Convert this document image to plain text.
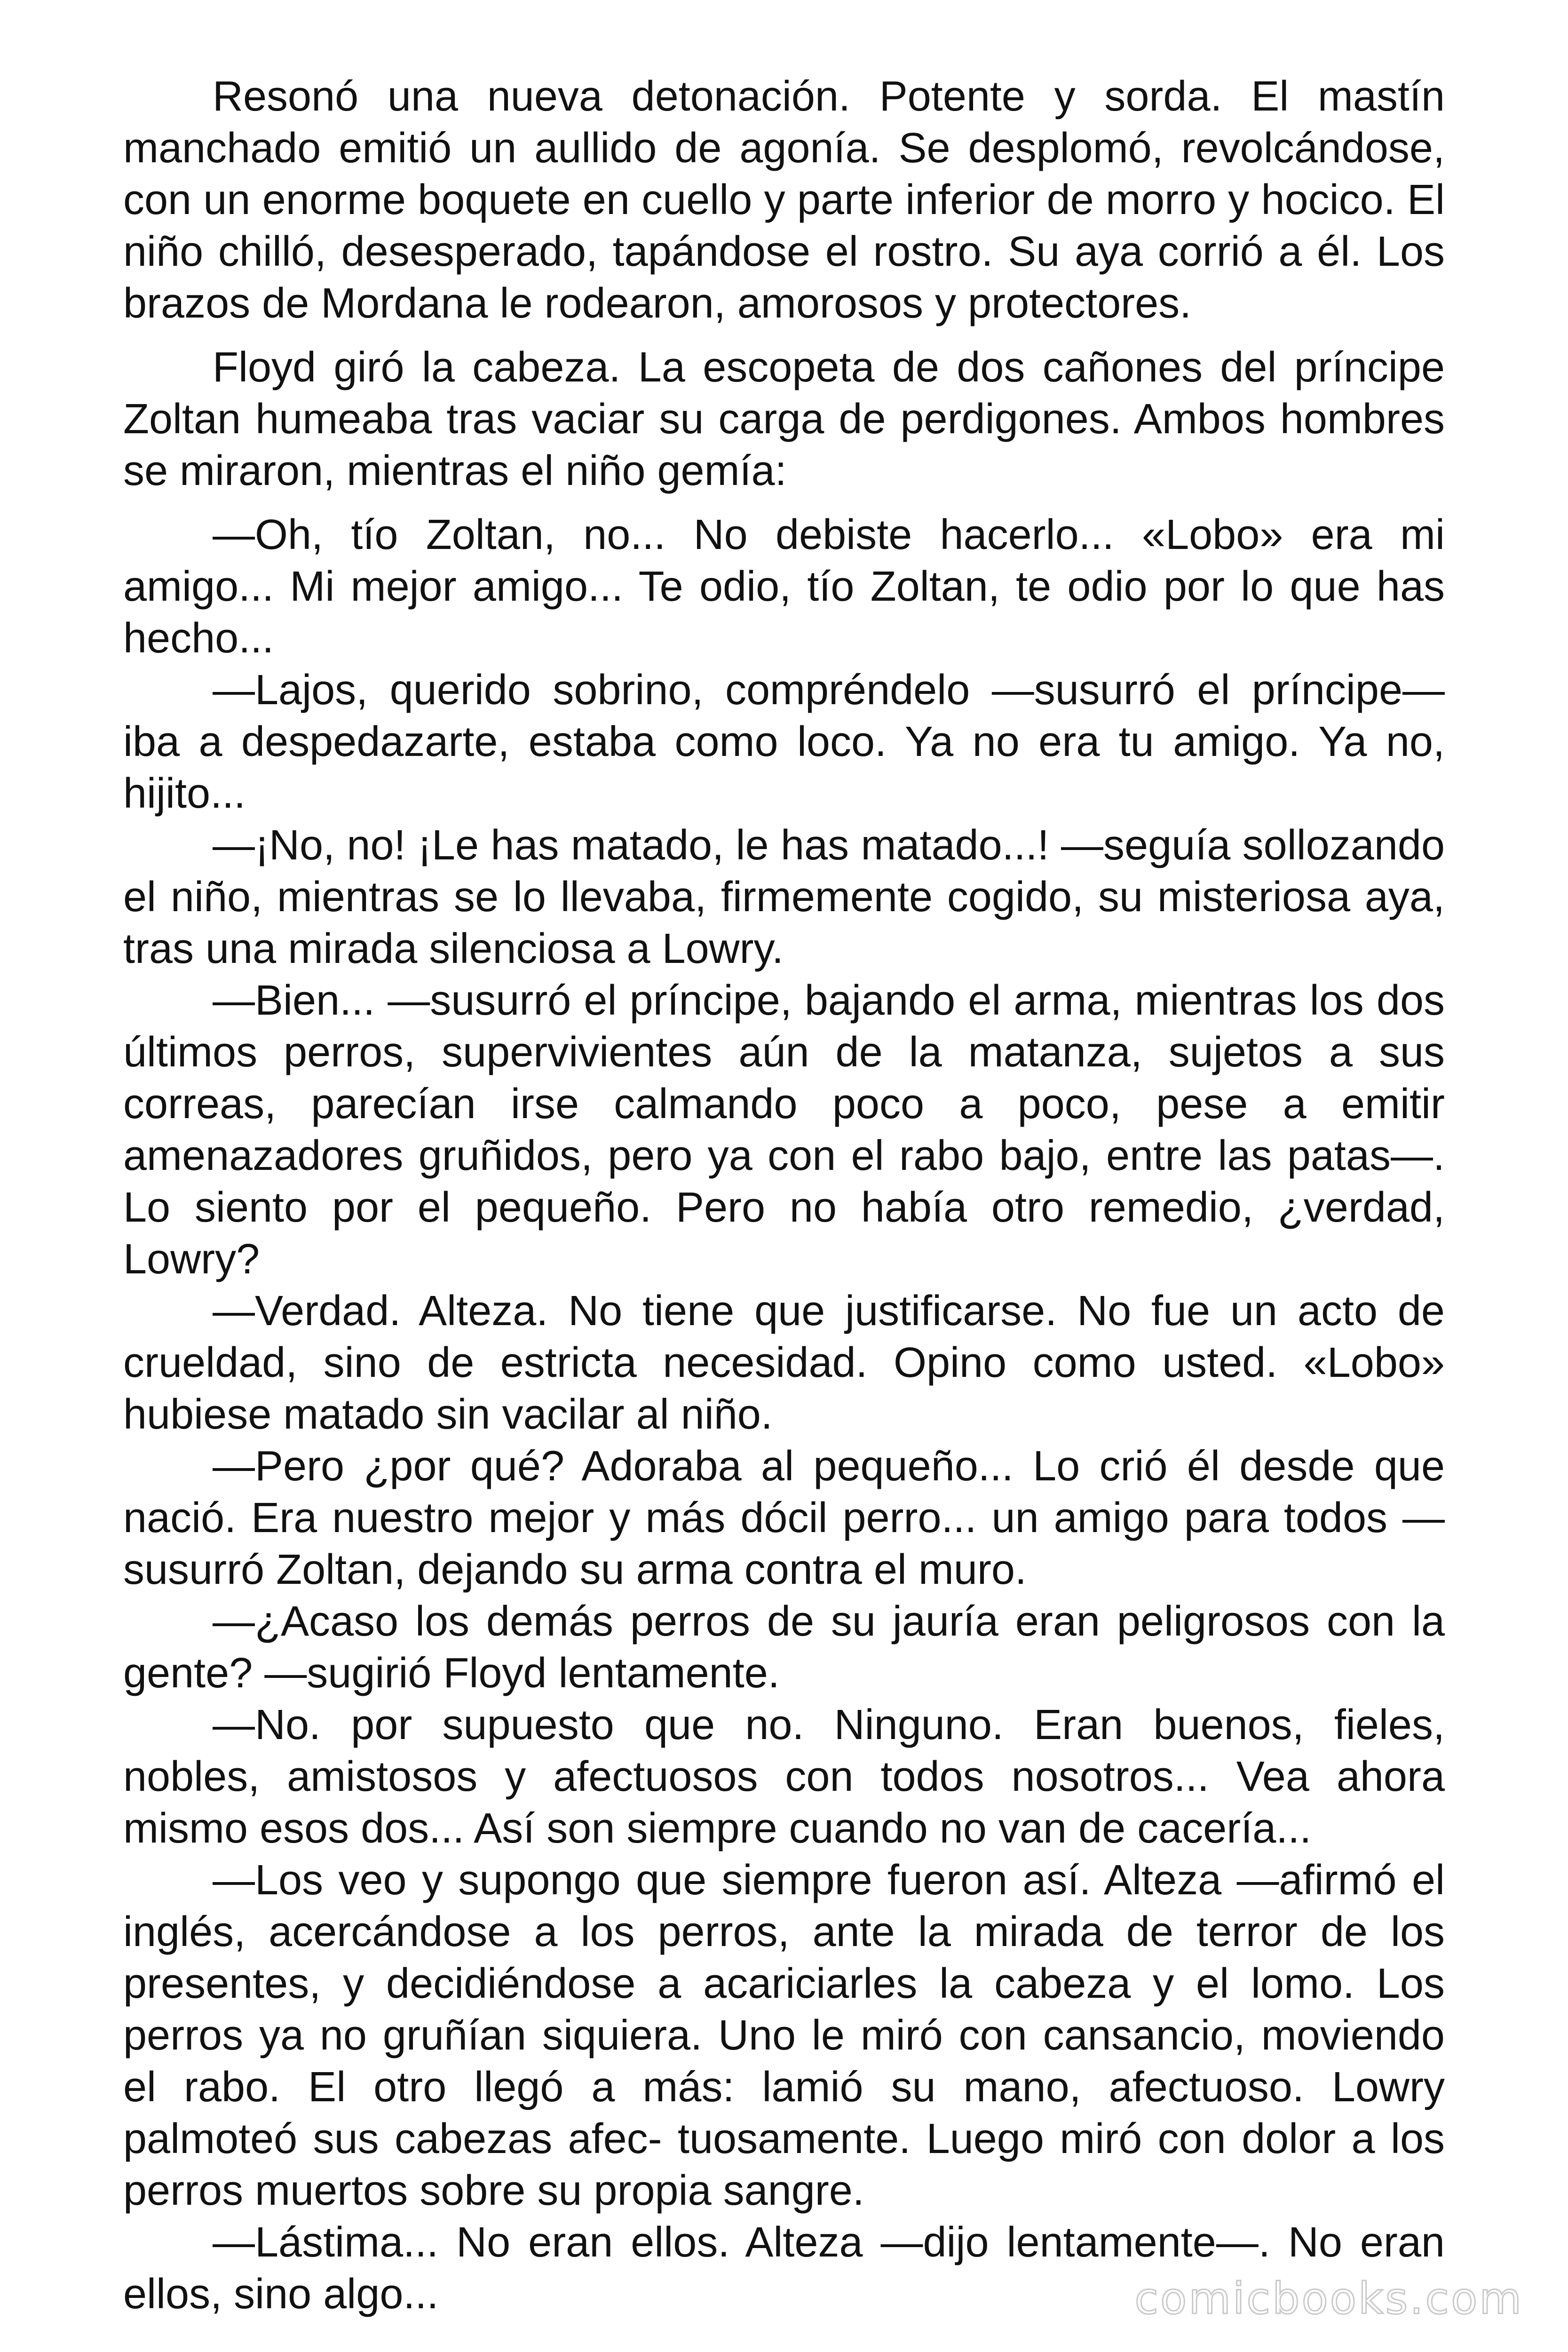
Resonó una nueva detonación. Potente y sorda. El mastín manchado emitió un aullido de agonía. Se desplomó, revolcándose, con un enorme boquete en cuello y parte inferior de morro y hocico. El niño chilló, desesperado, tapándose el rostro. Su aya corrió a él. Los brazos de Mordana le rodearon, amorosos y protectores.

Floyd giró la cabeza. La escopeta de dos cañones del príncipe Zoltan humeaba tras vaciar su carga de perdigones. Ambos hombres se miraron, mientras el niño gemía:

—Oh, tío Zoltan, no... No debiste hacerlo... «Lobo» era mi amigo... Mi mejor amigo... Te odio, tío Zoltan, te odio por lo que has hecho...

—Lajos, querido sobrino, compréndelo —susurró el príncipe— iba a despedazarte, estaba como loco. Ya no era tu amigo. Ya no, hijito...

—¡No, no! ¡Le has matado, le has matado...! —seguía sollozando el niño, mientras se lo llevaba, firmemente cogido, su misteriosa aya, tras una mirada silenciosa a Lowry.

—Bien... —susurró el príncipe, bajando el arma, mientras los dos últimos perros, supervivientes aún de la matanza, sujetos a sus correas, parecían irse calmando poco a poco, pese a emitir amenazadores gruñidos, pero ya con el rabo bajo, entre las patas—. Lo siento por el pequeño. Pero no había otro remedio, ¿verdad, Lowry?

—Verdad. Alteza. No tiene que justificarse. No fue un acto de crueldad, sino de estricta necesidad. Opino como usted. «Lobo» hubiese matado sin vacilar al niño.

—Pero ¿por qué? Adoraba al pequeño... Lo crió él desde que nació. Era nuestro mejor y más dócil perro... un amigo para todos —susurró Zoltan, dejando su arma contra el muro.

—¿Acaso los demás perros de su jauría eran peligrosos con la gente? —sugirió Floyd lentamente.

—No. por supuesto que no. Ninguno. Eran buenos, fieles, nobles, amistosos y afectuosos con todos nosotros... Vea ahora mismo esos dos... Así son siempre cuando no van de cacería...

—Los veo y supongo que siempre fueron así. Alteza —afirmó el inglés, acercándose a los perros, ante la mirada de terror de los presentes, y decidiéndose a acariciarles la cabeza y el lomo. Los perros ya no gruñían siquiera. Uno le miró con cansancio, moviendo el rabo. El otro llegó a más: lamió su mano, afectuoso. Lowry palmoteó sus cabezas afec- tuosamente. Luego miró con dolor a los perros muertos sobre su propia sangre.

—Lástima... No eran ellos. Alteza —dijo lentamente—. No eran ellos, sino algo...	comicbooks.com
